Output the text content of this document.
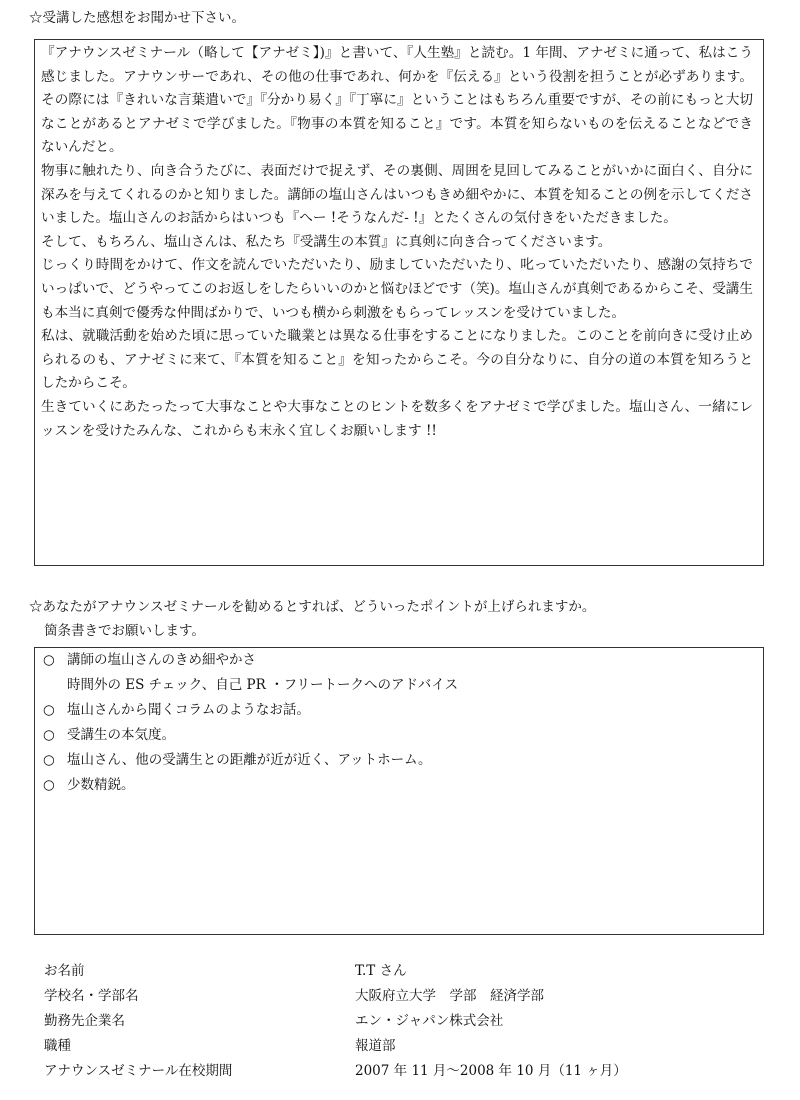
☆受講した感想をお聞かせ下さい。

『アナウンスゼミナール（略して【アナゼミ】)』と書いて、『人生塾』と読む。1 年間、アナゼミに通って、私はこう感じました。アナウンサーであれ、その他の仕事であれ、何かを『伝える』という役割を担うことが必ずあります。その際には『きれいな言葉遣いで』『分かり易く』『丁寧に』ということはもちろん重要ですが、その前にもっと大切なことがあるとアナゼミで学びました。『物事の本質を知ること』です。本質を知らないものを伝えることなどできないんだと。

物事に触れたり、向き合うたびに、表面だけで捉えず、その裏側、周囲を見回してみることがいかに面白く、自分に深みを与えてくれるのかと知りました。講師の塩山さんはいつもきめ細やかに、本質を知ることの例を示してくださいました。塩山さんのお話からはいつも『へー !そうなんだ- !』とたくさんの気付きをいただきました。

そして、もちろん、塩山さんは、私たち『受講生の本質』に真剣に向き合ってくださいます。

じっくり時間をかけて、作文を読んでいただいたり、励ましていただいたり、叱っていただいたり、感謝の気持ちでいっぱいで、どうやってこのお返しをしたらいいのかと悩むほどです（笑)。塩山さんが真剣であるからこそ、受講生も本当に真剣で優秀な仲間ばかりで、いつも横から刺激をもらってレッスンを受けていました。

私は、就職活動を始めた頃に思っていた職業とは異なる仕事をすることになりました。このことを前向きに受け止められるのも、アナゼミに来て、『本質を知ること』を知ったからこそ。今の自分なりに、自分の道の本質を知ろうとしたからこそ。

生きていくにあたったって大事なことや大事なことのヒントを数多くをアナゼミで学びました。塩山さん、一緒にレッスンを受けたみんな、これからも末永く宜しくお願いします !!

☆あなたがアナウンスゼミナールを勧めるとすれば、どういったポイントが上げられますか。
箇条書きでお願いします。
○ 講師の塩山さんのきめ細やかさ
時間外の ES チェック、自己 PR ・フリートークへのアドバイス
○ 塩山さんから聞くコラムのようなお話。
○ 受講生の本気度。
○ 塩山さん、他の受講生との距離が近が近く、アットホーム。
○ 少数精鋭。
お名前	T.T さん
学校名・学部名	大阪府立大学　学部　経済学部
勤務先企業名	エン・ジャパン株式会社
職種	報道部
アナウンスゼミナール在校期間	2007 年 11 月～2008 年 10 月（11 ヶ月）
